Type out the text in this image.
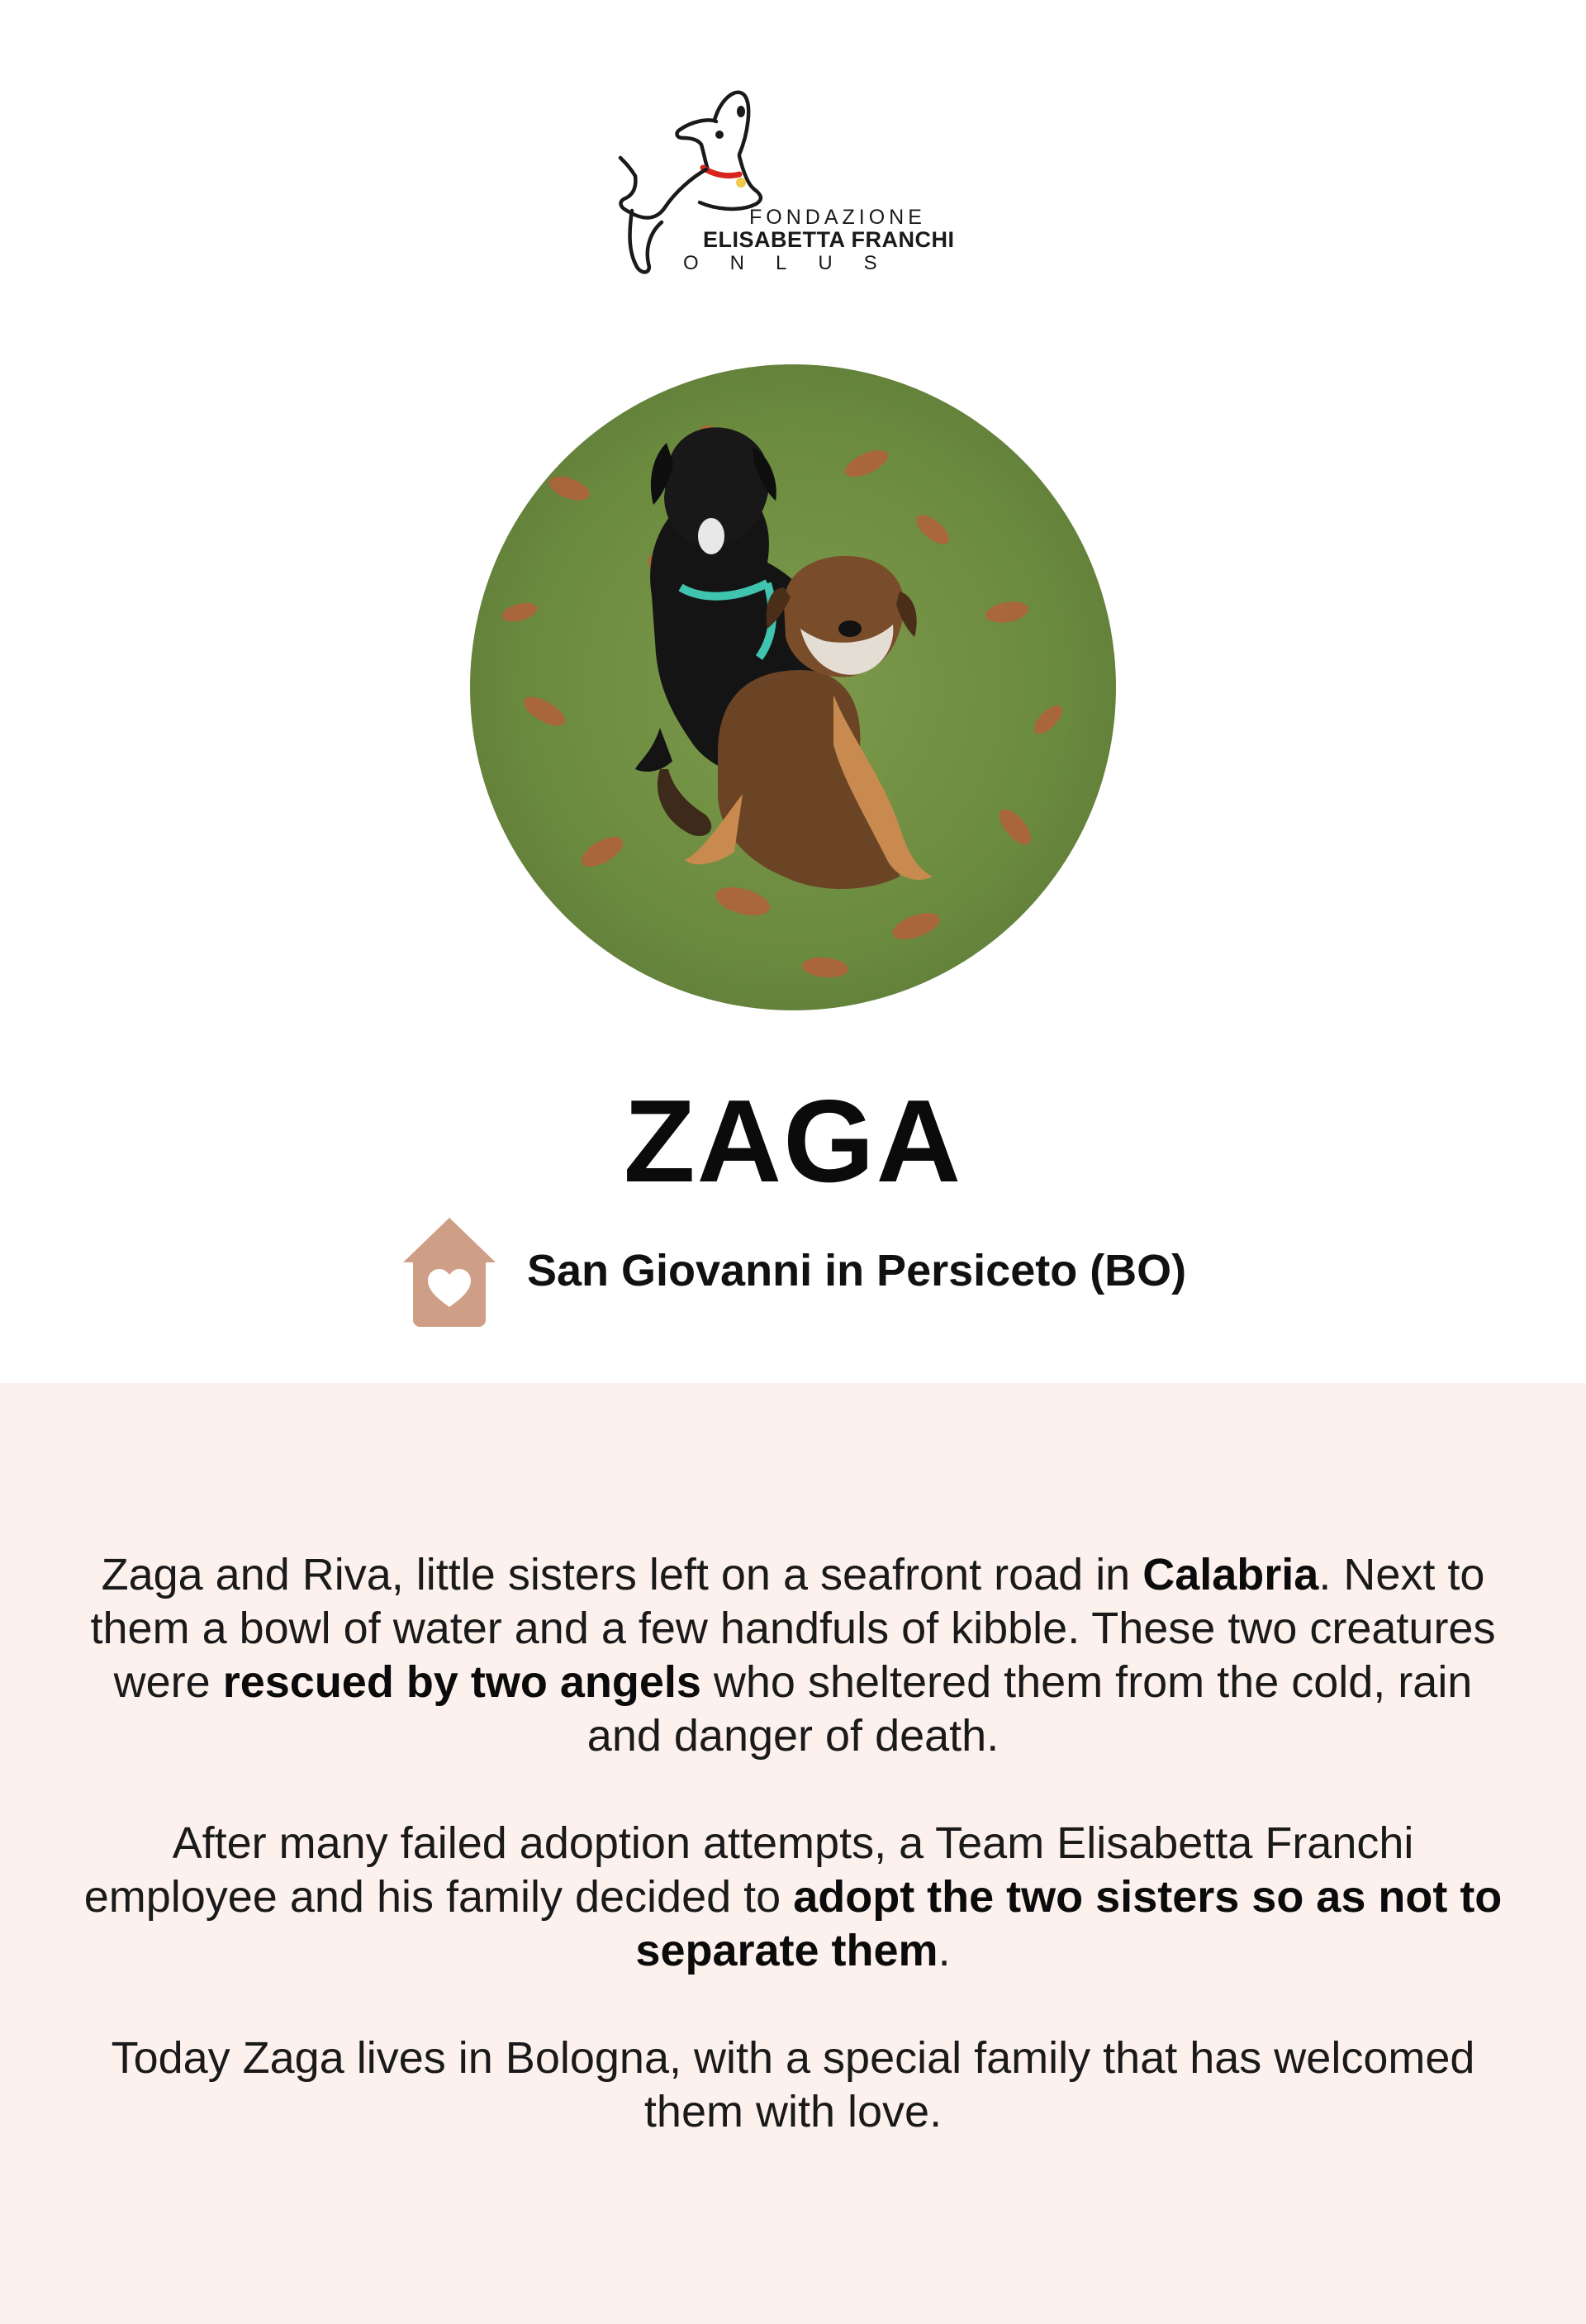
FONDAZIONE
ELISABETTA FRANCHI
ONLUS
ZAGA
San Giovanni in Persiceto (BO)

Zaga and Riva, little sisters left on a seafront road in Calabria. Next to them a bowl of water and a few handfuls of kibble. These two creatures were rescued by two angels who sheltered them from the cold, rain and danger of death.

After many failed adoption attempts, a Team Elisabetta Franchi employee and his family decided to adopt the two sisters so as not to separate them.

Today Zaga lives in Bologna, with a special family that has welcomed them with love.
